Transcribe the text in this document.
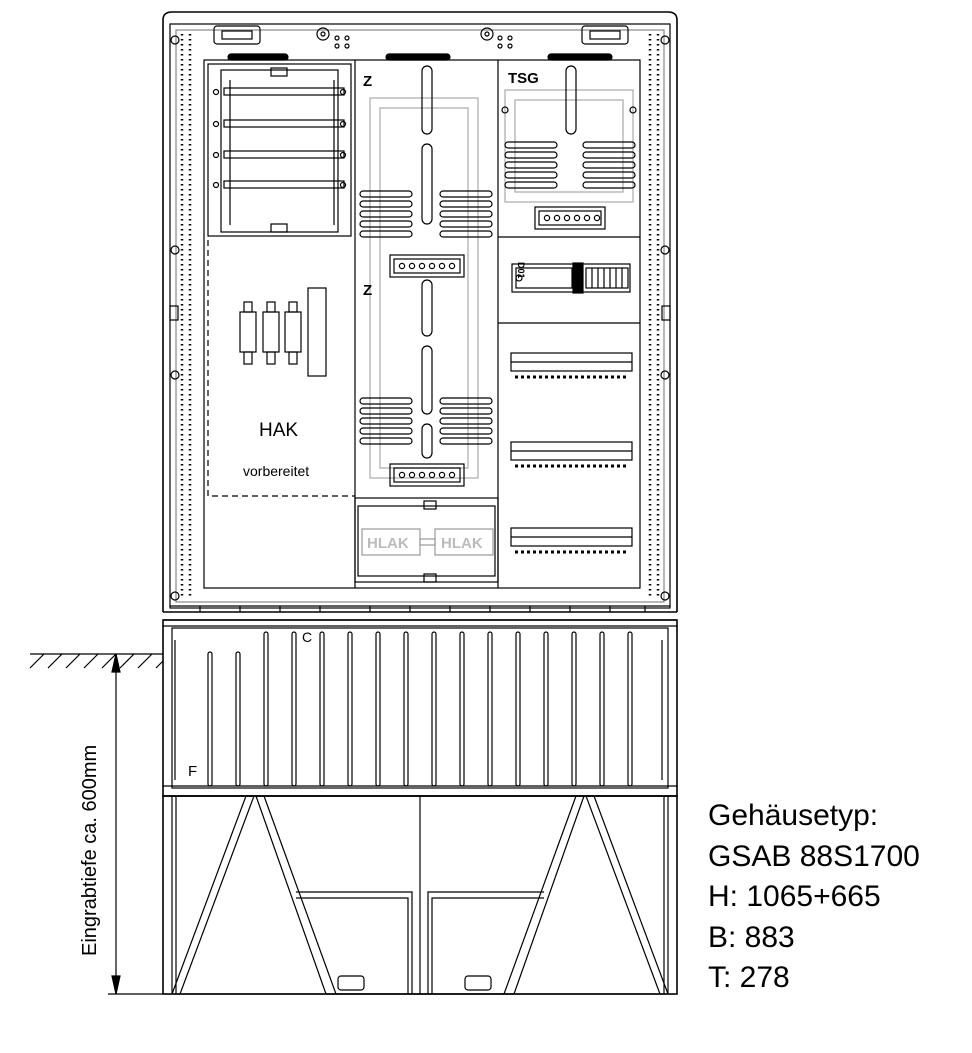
Z
Z
TSG
D01
HAK
vorbereitet
HLAK HLAK
C
F
Eingrabtiefe ca. 600mm	Gehäusetyp:
GSAB 88S1700
H: 1065+665
B: 883
T: 278
